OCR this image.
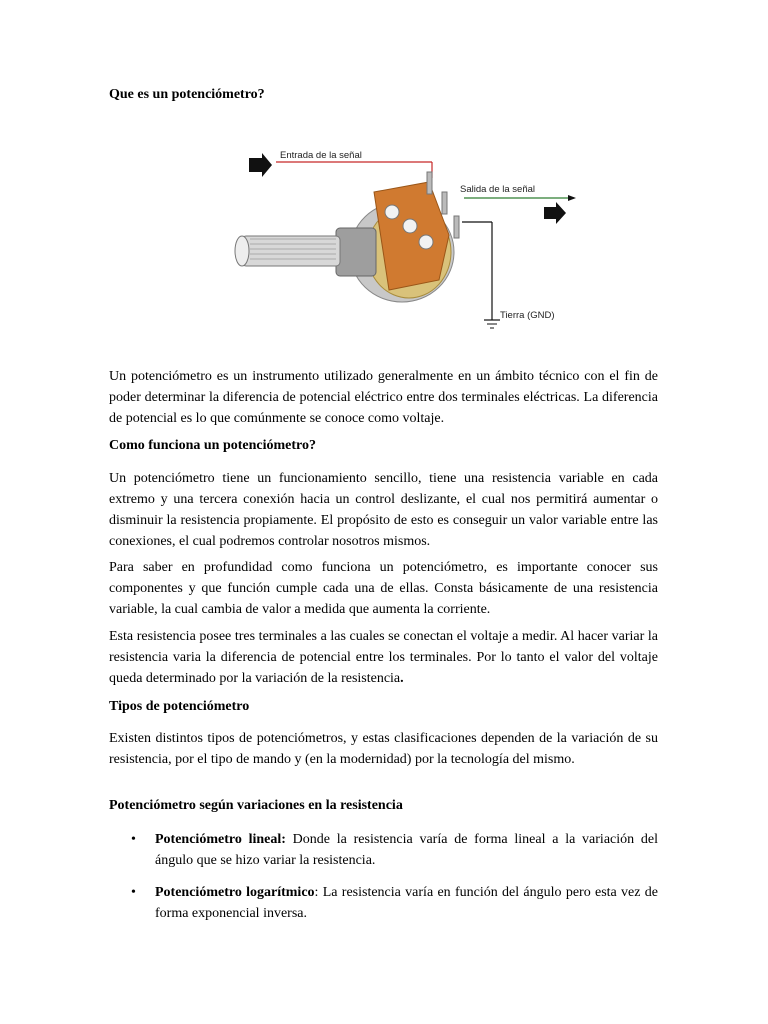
Que es un potenciómetro?

Entrada de la señal
Salida de la señal
Tierra (GND)

Un potenciómetro es un instrumento utilizado generalmente en un ámbito técnico con el fin de poder determinar la diferencia de potencial eléctrico entre dos terminales eléctricas. La diferencia de potencial es lo que comúnmente se conoce como voltaje.

Como funciona un potenciómetro?

Un potenciómetro tiene un funcionamiento sencillo, tiene una resistencia variable en cada extremo y una tercera conexión hacia un control deslizante, el cual nos permitirá aumentar o disminuir la resistencia propiamente. El propósito de esto es conseguir un valor variable entre las conexiones, el cual podremos controlar nosotros mismos.

Para saber en profundidad como funciona un potenciómetro, es importante conocer sus componentes y que función cumple cada una de ellas. Consta básicamente de una resistencia variable, la cual cambia de valor a medida que aumenta la corriente.

Esta resistencia posee tres terminales a las cuales se conectan el voltaje a medir. Al hacer variar la resistencia varia la diferencia de potencial entre los terminales. Por lo tanto el valor del voltaje queda determinado por la variación de la resistencia.

Tipos de potenciómetro

Existen distintos tipos de potenciómetros, y estas clasificaciones dependen de la variación de su resistencia, por el tipo de mando y (en la modernidad) por la tecnología del mismo.

Potenciómetro según variaciones en la resistencia

• Potenciómetro lineal: Donde la resistencia varía de forma lineal a la variación del ángulo que se hizo variar la resistencia.
• Potenciómetro logarítmico: La resistencia varía en función del ángulo pero esta vez de forma exponencial inversa.
